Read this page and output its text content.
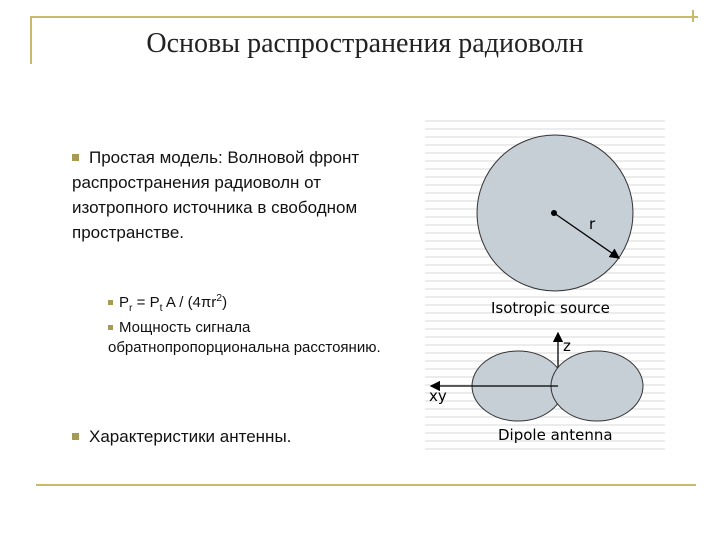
Основы распространения радиоволн
Простая модель: Волновой фронт распространения радиоволн от изотропного источника в свободном пространстве.
$P_r = P_t$ A / $(4\pi r^2)$
Мощность сигнала обратнопропорциональна расстоянию.
Характеристики антенны.
r
Isotropic source
z
xy
Dipole antenna
